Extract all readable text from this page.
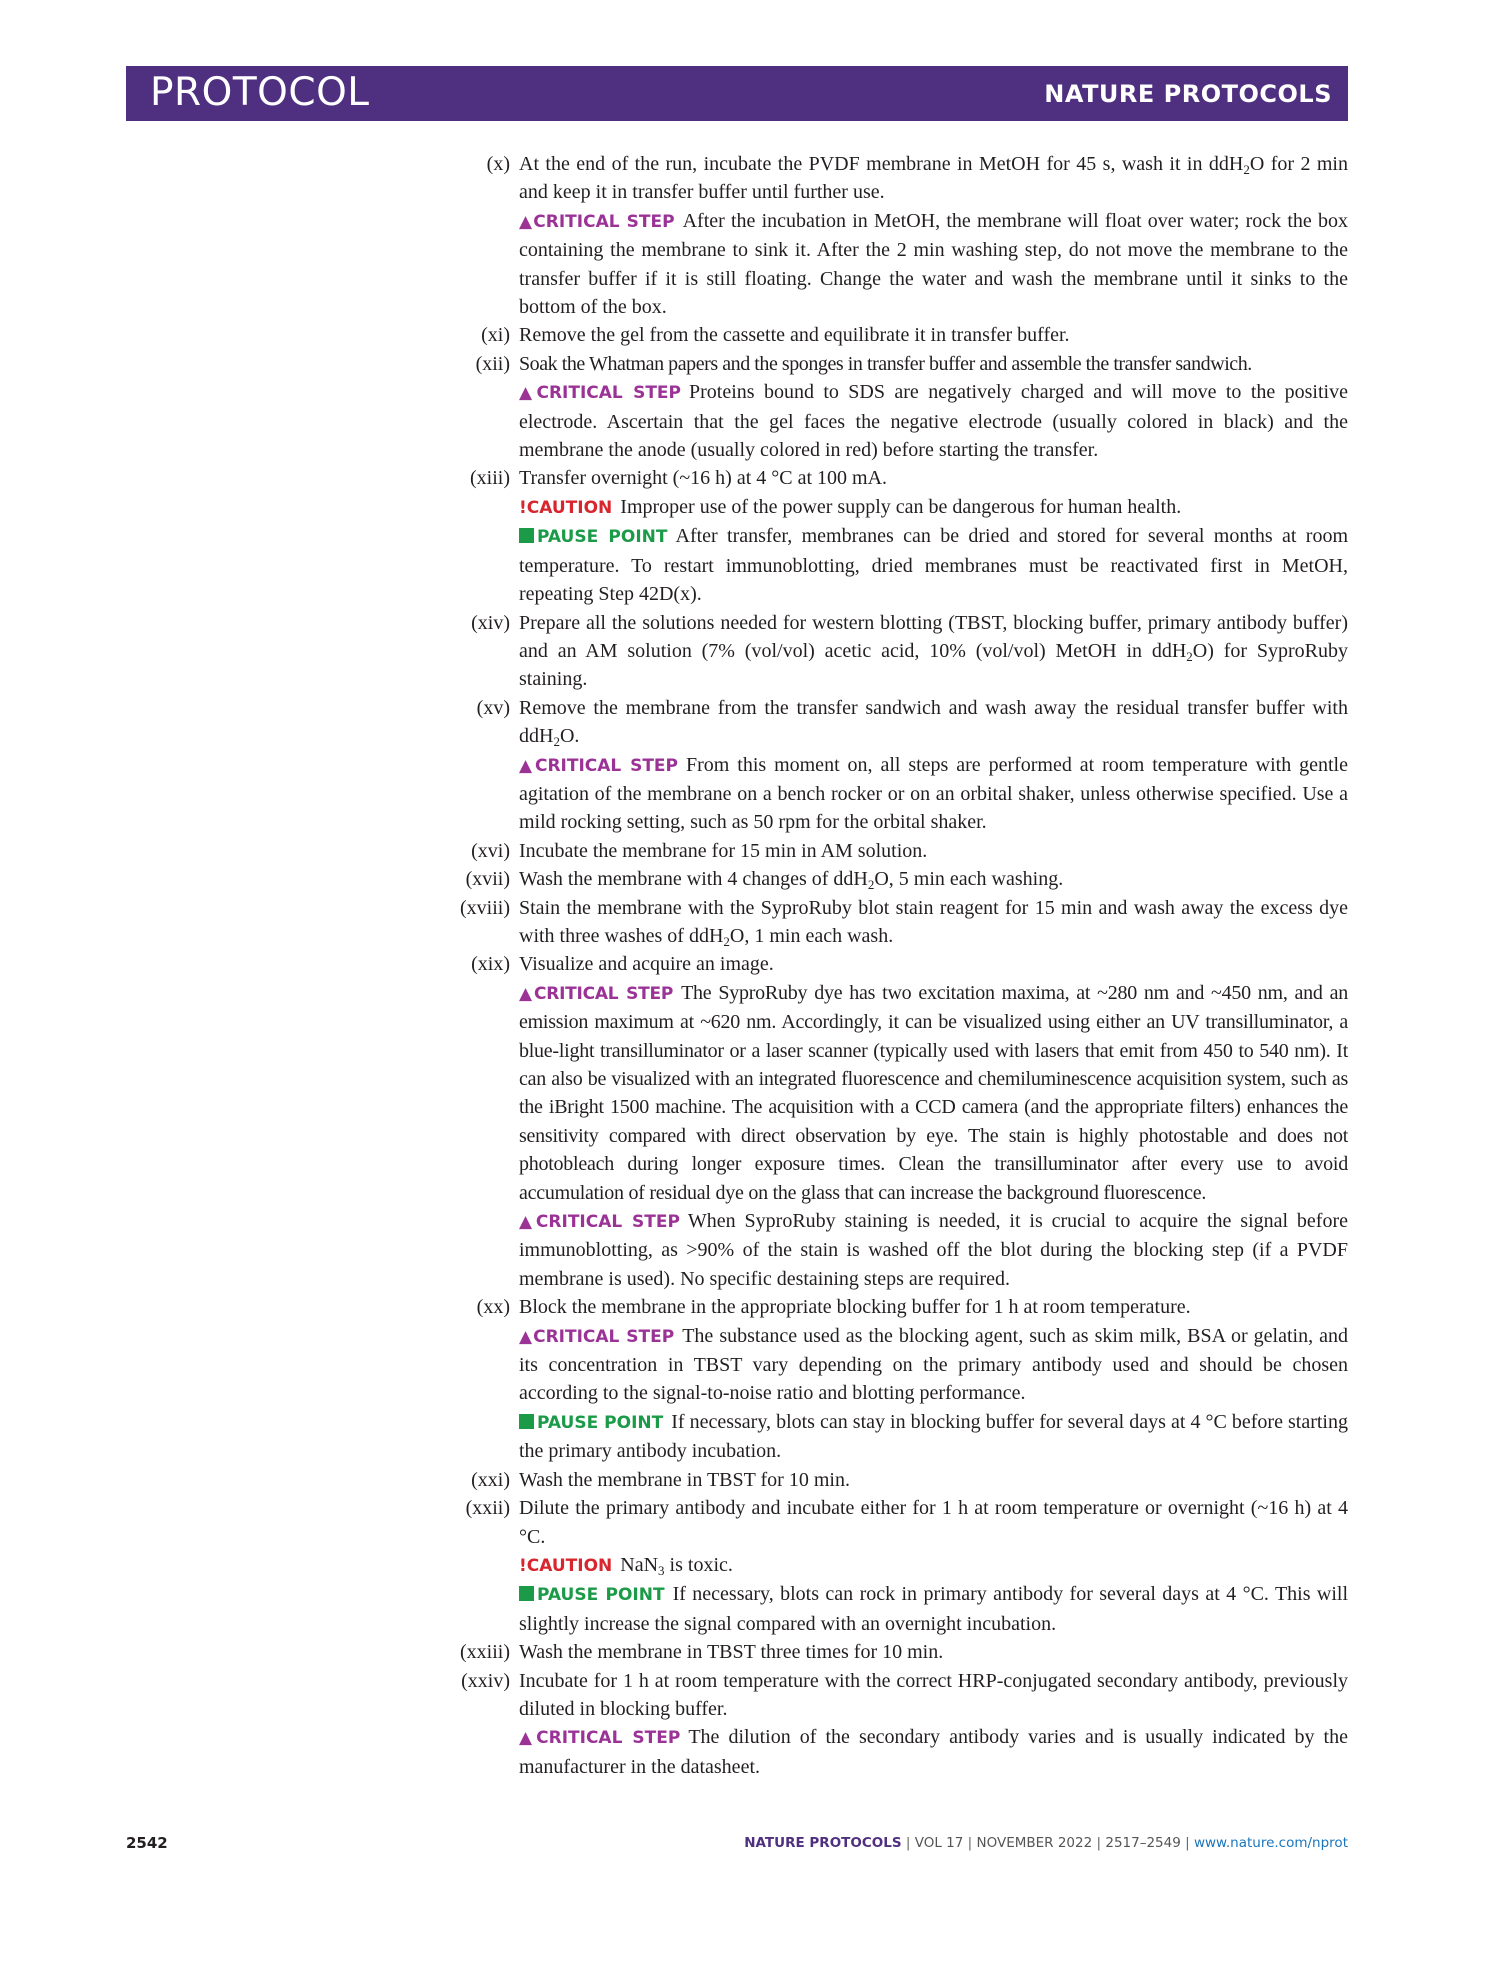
PROTOCOL	NATURE PROTOCOLS
(x) At the end of the run, incubate the PVDF membrane in MetOH for 45 s, wash it in ddH$_2$O for 2 min and keep it in transfer buffer until further use.
▲CRITICAL STEP After the incubation in MetOH, the membrane will float over water; rock the box containing the membrane to sink it. After the 2 min washing step, do not move the membrane to the transfer buffer if it is still floating. Change the water and wash the membrane until it sinks to the bottom of the box.
(xi) Remove the gel from the cassette and equilibrate it in transfer buffer.
(xii) Soak the Whatman papers and the sponges in transfer buffer and assemble the transfer sandwich.
▲CRITICAL STEP Proteins bound to SDS are negatively charged and will move to the positive electrode. Ascertain that the gel faces the negative electrode (usually colored in black) and the membrane the anode (usually colored in red) before starting the transfer.
(xiii) Transfer overnight (~16 h) at 4 °C at 100 mA.
!CAUTION Improper use of the power supply can be dangerous for human health.
PAUSE POINT After transfer, membranes can be dried and stored for several months at room temperature. To restart immunoblotting, dried membranes must be reactivated first in MetOH, repeating Step 42D(x).
(xiv) Prepare all the solutions needed for western blotting (TBST, blocking buffer, primary antibody buffer) and an AM solution (7% (vol/vol) acetic acid, 10% (vol/vol) MetOH in ddH$_2$O) for SyproRuby staining.
(xv) Remove the membrane from the transfer sandwich and wash away the residual transfer buffer with ddH$_2$O.
▲CRITICAL STEP From this moment on, all steps are performed at room temperature with gentle agitation of the membrane on a bench rocker or on an orbital shaker, unless otherwise specified. Use a mild rocking setting, such as 50 rpm for the orbital shaker.
(xvi) Incubate the membrane for 15 min in AM solution.
(xvii) Wash the membrane with 4 changes of ddH$_2$O, 5 min each washing.
(xviii) Stain the membrane with the SyproRuby blot stain reagent for 15 min and wash away the excess dye with three washes of ddH$_2$O, 1 min each wash.
(xix) Visualize and acquire an image.
▲CRITICAL STEP The SyproRuby dye has two excitation maxima, at ~280 nm and ~450 nm, and an emission maximum at ~620 nm. Accordingly, it can be visualized using either an UV transilluminator, a blue-light transilluminator or a laser scanner (typically used with lasers that emit from 450 to 540 nm). It can also be visualized with an integrated fluorescence and chemiluminescence acquisition system, such as the iBright 1500 machine. The acquisition with a CCD camera (and the appropriate filters) enhances the sensitivity compared with direct observation by eye. The stain is highly photostable and does not photobleach during longer exposure times. Clean the transilluminator after every use to avoid accumulation of residual dye on the glass that can increase the background fluorescence.
▲CRITICAL STEP When SyproRuby staining is needed, it is crucial to acquire the signal before immunoblotting, as >90% of the stain is washed off the blot during the blocking step (if a PVDF membrane is used). No specific destaining steps are required.
(xx) Block the membrane in the appropriate blocking buffer for 1 h at room temperature.
▲CRITICAL STEP The substance used as the blocking agent, such as skim milk, BSA or gelatin, and its concentration in TBST vary depending on the primary antibody used and should be chosen according to the signal-to-noise ratio and blotting performance.
PAUSE POINT If necessary, blots can stay in blocking buffer for several days at 4 °C before starting the primary antibody incubation.
(xxi) Wash the membrane in TBST for 10 min.
(xxii) Dilute the primary antibody and incubate either for 1 h at room temperature or overnight (~16 h) at 4 °C.
!CAUTION NaN$_3$ is toxic.
PAUSE POINT If necessary, blots can rock in primary antibody for several days at 4 °C. This will slightly increase the signal compared with an overnight incubation.
(xxiii) Wash the membrane in TBST three times for 10 min.
(xxiv) Incubate for 1 h at room temperature with the correct HRP-conjugated secondary antibody, previously diluted in blocking buffer.
▲CRITICAL STEP The dilution of the secondary antibody varies and is usually indicated by the manufacturer in the datasheet.
2542	NATURE PROTOCOLS | VOL 17 | NOVEMBER 2022 | 2517–2549 | www.nature.com/nprot
